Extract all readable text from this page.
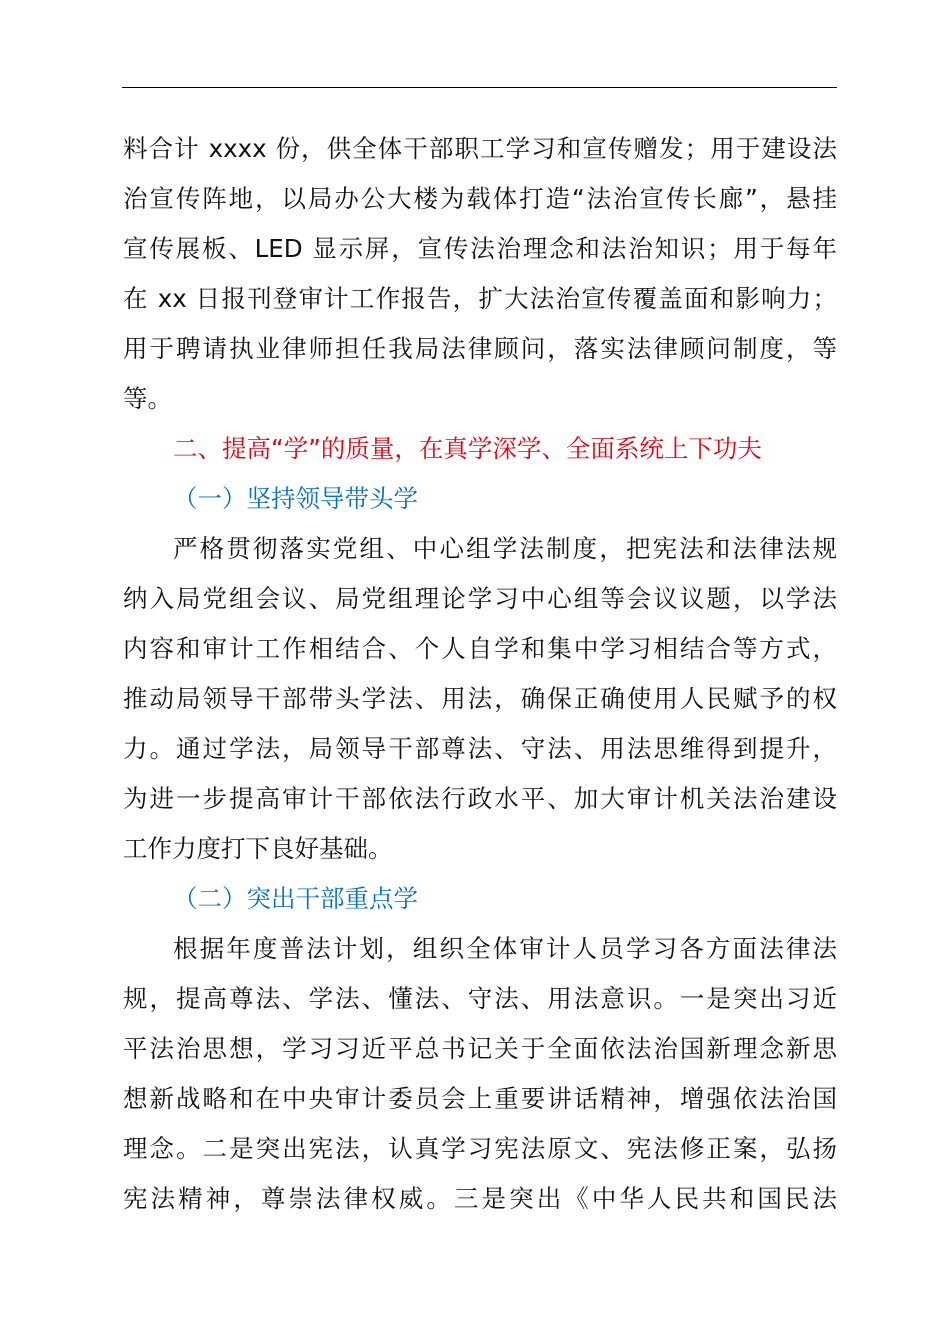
料合计 xxxx 份，供全体干部职工学习和宣传赠发；用于建设法
治宣传阵地，以局办公大楼为载体打造“法治宣传长廊”，悬挂
宣传展板、LED 显示屏，宣传法治理念和法治知识；用于每年
在 xx 日报刊登审计工作报告，扩大法治宣传覆盖面和影响力；
用于聘请执业律师担任我局法律顾问，落实法律顾问制度，等
等。
二、提高“学”的质量，在真学深学、全面系统上下功夫
（一）坚持领导带头学
严格贯彻落实党组、中心组学法制度，把宪法和法律法规
纳入局党组会议、局党组理论学习中心组等会议议题，以学法
内容和审计工作相结合、个人自学和集中学习相结合等方式，
推动局领导干部带头学法、用法，确保正确使用人民赋予的权
力。通过学法，局领导干部尊法、守法、用法思维得到提升，
为进一步提高审计干部依法行政水平、加大审计机关法治建设
工作力度打下良好基础。
（二）突出干部重点学
根据年度普法计划，组织全体审计人员学习各方面法律法
规，提高尊法、学法、懂法、守法、用法意识。一是突出习近
平法治思想，学习习近平总书记关于全面依法治国新理念新思
想新战略和在中央审计委员会上重要讲话精神，增强依法治国
理念。二是突出宪法，认真学习宪法原文、宪法修正案，弘扬
宪法精神，尊崇法律权威。三是突出《中华人民共和国民法
